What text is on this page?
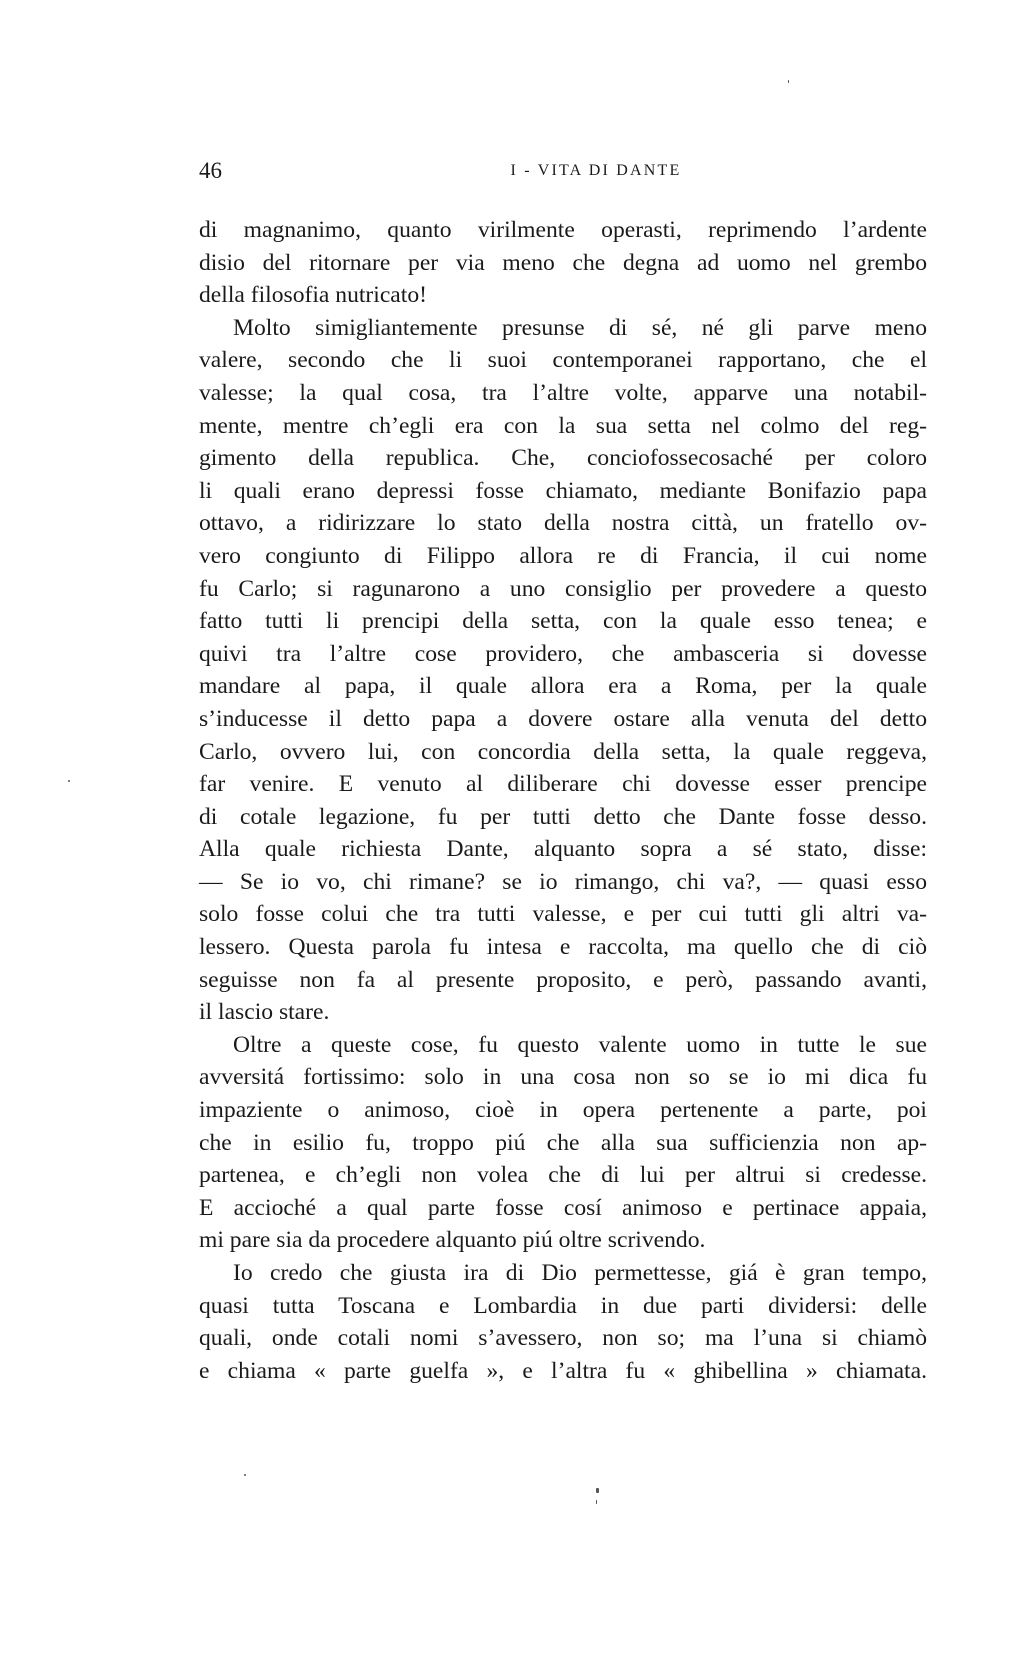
46	I - VITA DI DANTE
di magnanimo, quanto virilmente operasti, reprimendo l’ardente
disio del ritornare per via meno che degna ad uomo nel grembo
della filosofia nutricato!
Molto simigliantemente presunse di sé, né gli parve meno
valere, secondo che li suoi contemporanei rapportano, che el
valesse; la qual cosa, tra l’altre volte, apparve una notabil-
mente, mentre ch’egli era con la sua setta nel colmo del reg-
gimento della republica. Che, conciofossecosaché per coloro
li quali erano depressi fosse chiamato, mediante Bonifazio papa
ottavo, a ridirizzare lo stato della nostra città, un fratello ov-
vero congiunto di Filippo allora re di Francia, il cui nome
fu Carlo; si ragunarono a uno consiglio per provedere a questo
fatto tutti li prencipi della setta, con la quale esso tenea; e
quivi tra l’altre cose providero, che ambasceria si dovesse
mandare al papa, il quale allora era a Roma, per la quale
s’inducesse il detto papa a dovere ostare alla venuta del detto
Carlo, ovvero lui, con concordia della setta, la quale reggeva,
far venire. E venuto al diliberare chi dovesse esser prencipe
di cotale legazione, fu per tutti detto che Dante fosse desso.
Alla quale richiesta Dante, alquanto sopra a sé stato, disse:
— Se io vo, chi rimane? se io rimango, chi va?, — quasi esso
solo fosse colui che tra tutti valesse, e per cui tutti gli altri va-
lessero. Questa parola fu intesa e raccolta, ma quello che di ciò
seguisse non fa al presente proposito, e però, passando avanti,
il lascio stare.
Oltre a queste cose, fu questo valente uomo in tutte le sue
avversitá fortissimo: solo in una cosa non so se io mi dica fu
impaziente o animoso, cioè in opera pertenente a parte, poi
che in esilio fu, troppo piú che alla sua sufficienzia non ap-
partenea, e ch’egli non volea che di lui per altrui si credesse.
E accioché a qual parte fosse cosí animoso e pertinace appaia,
mi pare sia da procedere alquanto piú oltre scrivendo.
Io credo che giusta ira di Dio permettesse, giá è gran tempo,
quasi tutta Toscana e Lombardia in due parti dividersi: delle
quali, onde cotali nomi s’avessero, non so; ma l’una si chiamò
e chiama « parte guelfa », e l’altra fu « ghibellina » chiamata.
